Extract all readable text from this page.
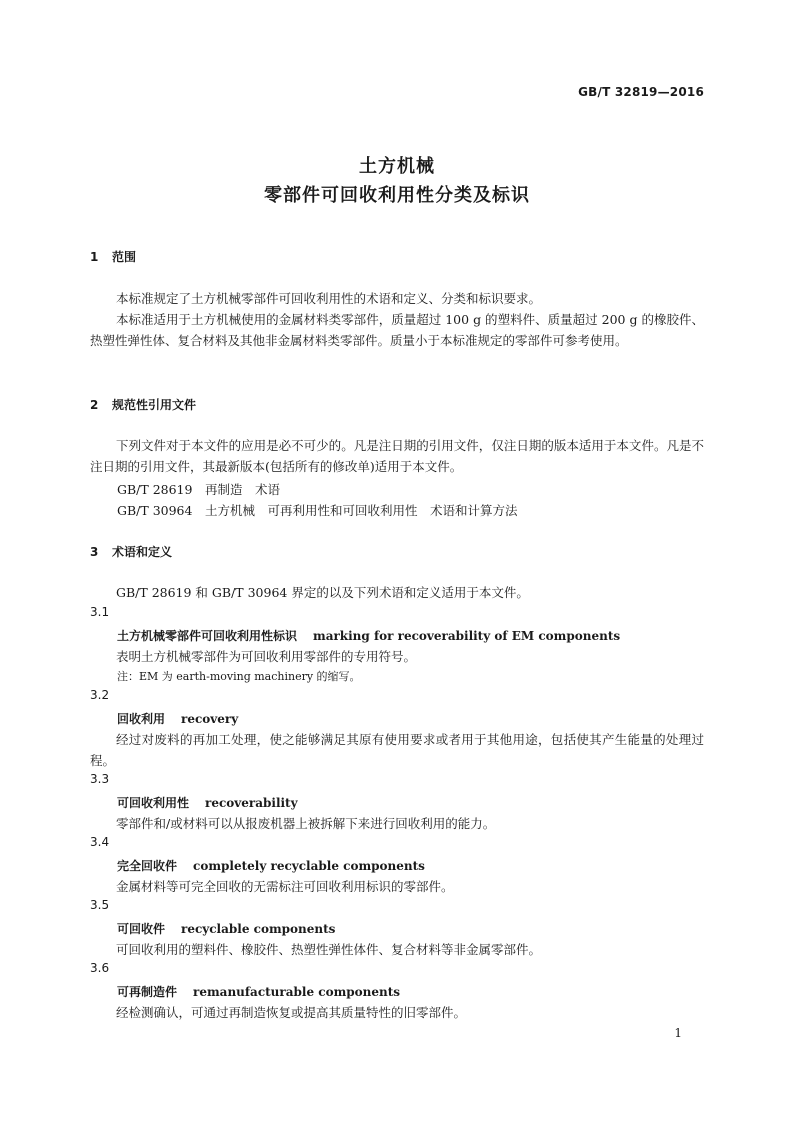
GB/T 32819—2016
土方机械
零部件可回收利用性分类及标识
1 范围

本标准规定了土方机械零部件可回收利用性的术语和定义、分类和标识要求。

本标准适用于土方机械使用的金属材料类零部件，质量超过 100 g 的塑料件、质量超过 200 g 的橡胶件、热塑性弹性体、复合材料及其他非金属材料类零部件。质量小于本标准规定的零部件可参考使用。

2 规范性引用文件

下列文件对于本文件的应用是必不可少的。凡是注日期的引用文件，仅注日期的版本适用于本文件。凡是不注日期的引用文件，其最新版本(包括所有的修改单)适用于本文件。

GB/T 28619　再制造　术语
GB/T 30964　土方机械　可再利用性和可回收利用性　术语和计算方法
3 术语和定义

GB/T 28619 和 GB/T 30964 界定的以及下列术语和定义适用于本文件。

3.1
土方机械零部件可回收利用性标识 marking for recoverability of EM components

表明土方机械零部件为可回收利用零部件的专用符号。

注：EM 为 earth-moving machinery 的缩写。
3.2
回收利用 recovery

经过对废料的再加工处理，使之能够满足其原有使用要求或者用于其他用途，包括使其产生能量的处理过程。

3.3
可回收利用性 recoverability

零部件和/或材料可以从报废机器上被拆解下来进行回收利用的能力。

3.4
完全回收件 completely recyclable components

金属材料等可完全回收的无需标注可回收利用标识的零部件。

3.5
可回收件 recyclable components

可回收利用的塑料件、橡胶件、热塑性弹性体件、复合材料等非金属零部件。

3.6
可再制造件 remanufacturable components

经检测确认，可通过再制造恢复或提高其质量特性的旧零部件。

1
